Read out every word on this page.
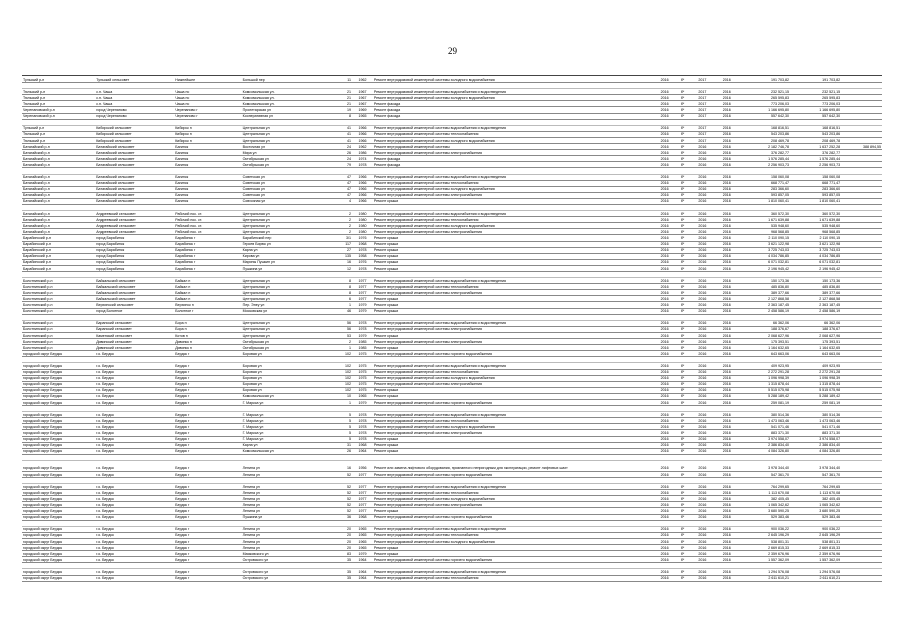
29
Тульский р-н	Тульский сельсовет	Нижнейшее	Большой пер	11	1962	Ремонт внутридомовой инженерной системы холодного водоснабжения	2016	б*	2017	2016	191 703,82	191 703,82	

Тюльский р-н	с.п. Чаша	Чаша пс	Комсомольская ул.	21	1967	Ремонт внутридомовой инженерной системы водоснабжения и водоотведения	2016	б*	2017	2016	232 521,15	232 521,15	
Тюльский р-н	с.п. Чаша	Чаша пс	Комсомольская ул.	21	1967	Ремонт внутридомовой инженерной системы холодного водоснабжения	2016	б*	2017	2016	265 595,83	265 595,83	
Тюльский р-н	с.п. Чаша	Чаша пс	Комсомольская ул.	21	1967	Ремонт фасада	2016	б*	2017	2016	773 206,03	773 206,03	
Черепановский р-н	город Черепаново	Черепаново г	Пролетарская ул	19	1969	Ремонт фасада	2016	б*	2017	2016	1 166 695,80	1 166 695,80	
Черепановский р-н	город Черепаново	Черепаново г	Кооперативная ул	8	1965	Ремонт фасада	2016	б*	2017	2016	557 642,30	557 642,30	

Тульский р-н	Кибирский сельсовет	Кибирск п	Центральная ул	41	1966	Ремонт внутридомовой инженерной системы водоснабжения и водоотведения	2016	б*	2017	2016	168 816,51	168 816,51	
Тюльский р-н	Кибирский сельсовет	Кибирск п	Центральная ул	41	1966	Ремонт внутридомовой инженерной системы теплоснабжения	2016	б*	2017	2016	543 203,86	543 203,86	
Тюльский р-н	Кибирский сельсовет	Кибирск п	Центральная ул	41	1966	Ремонт внутридомовой инженерной системы холодного водоснабжения	2016	б*	2017	2016	208 469,78	208 469,78	
Батагайский р-н	Батагайский сельсовет	Багинск	Восточная ул	24	1962	Ремонт внутридомовой инженерной системы	2016	б*	2016	2016	2 182 746,78	1 637 252,28	388 894,55
Батагайский р-н	Батагайский сельсовет	Багинск	Мира ул	26	1986	Ремонт внутридомовой инженерной системы электроснабжения	2016	б*	2016	2016	376 282,77	376 282,77	
Батагайский р-н	Батагайский сельсовет	Багинск	Октябрьская ул	24	1974	Ремонт фасада	2016	б*	2016	2016	1 576 285,44	1 576 285,44	
Батагайский р-н	Батагайский сельсовет	Багинск	Октябрьская ул	79	1978	Ремонт фасада	2016	б*	2016	2016	2 256 903,73	2 256 903,73	

Батагайский р-н	Батагайский сельсовет	Багинск	Советская ул	47	1966	Ремонт внутридомовой инженерной системы водоснабжения и водоотведения	2016	б*	2016	2016	158 060,08	158 060,08	
Батагайский р-н	Батагайский сельсовет	Багинск	Советская ул	47	1966	Ремонт внутридомовой инженерной системы теплоснабжения	2016	б*	2016	2016	668 771,47	668 771,47	
Батагайский р-н	Батагайский сельсовет	Багинск	Советская ул	47	1966	Ремонт внутридомовой инженерной системы холодного водоснабжения	2016	б*	2016	2016	283 366,60	283 366,60	
Батагайский р-н	Батагайский сельсовет	Багинск	Советская ул	47	1966	Ремонт внутридомовой инженерной системы электроснабжения	2016	б*	2016	2016	593 857,05	593 857,05	
Батагайский р-н	Батагайский сельсовет	Багинск	Совхозная ул	4	1966	Ремонт крыши	2016	б*	2016	2016	1 810 060,41	1 810 060,41	

Батагайский р-н	Андреевский сельсовет	Рабочий пос. ст.	Центральная ул	2	1980	Ремонт внутридомовой инженерной системы водоснабжения и водоотведения	2016	б*	2016	2016	360 572,30	360 572,30	
Батагайский р-н	Андреевский сельсовет	Рабочий пос. ст.	Центральная ул	2	1980	Ремонт внутридомовой инженерной системы теплоснабжения	2016	б*	2016	2016	1 671 639,88	1 671 639,88	
Батагайский р-н	Андреевский сельсовет	Рабочий пос. ст.	Центральная ул	2	1980	Ремонт внутридомовой инженерной системы холодного водоснабжения	2016	б*	2016	2016	535 948,60	535 948,60	
Батагайский р-н	Андреевский сельсовет	Рабочий пос. ст.	Центральная ул	2	1980	Ремонт внутридомовой инженерной системы электроснабжения	2016	б*	2016	2016	968 568,85	968 568,85	
Барабинский р-н	город Барабинск	Барабинск г	Барабинский пер	3/1	1976	Ремонт крыши	2016	б*	2016	2016	2 110 090,15	2 110 090,15	
Барабинский р-н	город Барабинск	Барабинск г	Героев Бирюк ул	117	1968	Ремонт крыши	2016	б*	2016	2016	3 621 122,98	3 621 122,98	
Барабинский р-н	город Барабинск	Барабинск г	Карла ул	27	1978	Ремонт крыши	2016	б*	2016	2016	3 725 743,03	3 725 743,03	
Барабинский р-н	город Барабинск	Барабинск г	Кирова ул	135	1958	Ремонт крыши	2016	б*	2016	2016	4 034 786,85	4 034 786,85	
Барабинский р-н	город Барабинск	Барабинск г	Марины Пушкин ул	16	1976	Ремонт крыши	2016	б*	2016	2016	6 071 032,81	6 071 032,81	
Барабинский р-н	город Барабинск	Барабинск г	Пушкина ул	12	1978	Ремонт крыши	2016	б*	2016	2016	2 196 945,42	2 196 945,42	

Болотнинский р-н	Байкальский сельсовет	Байкал п	Центральная ул	8	1977	Ремонт внутридомовой инженерной системы водоснабжения и водоотведения	2016	б*	2016	2016	150 173,36	150 173,36	
Болотнинский р-н	Байкальский сельсовет	Байкал п	Центральная ул	8	1977	Ремонт внутридомовой инженерной системы теплоснабжения	2016	б*	2016	2016	485 836,80	485 836,80	
Болотнинский р-н	Байкальский сельсовет	Байкал п	Центральная ул	8	1977	Ремонт внутридомовой инженерной системы электроснабжения	2016	б*	2016	2016	389 377,66	389 377,66	
Болотнинский р-н	Байкальский сельсовет	Байкал п	Центральная ул	6	1977	Ремонт крыши	2016	б*	2016	2016	2 127 868,58	2 127 868,58	
Болотнинский р-н	Верхинский сельсовет	Верхинск п	Пер. Энеу ул	1	1979	Ремонт крыши	2016	б*	2016	2016	2 363 187,45	2 363 187,45	
Болотнинский р-н	город Болотное	Болотное г	Московская ул	46	1979	Ремонт крыши	2016	б*	2016	2016	2 458 586,19	2 458 586,19	

Болотнинский р-н	Баранский сельсовет	Бора п	Центральная ул	56	1978	Ремонт внутридомовой инженерной системы водоснабжения и водоотведения	2016	б*	2016	2016	66 362,06	66 362,06	
Болотнинский р-н	Баранский сельсовет	Бора п	Центральная ул	56	1978	Ремонт внутридомовой инженерной системы электроснабжения	2016	б*	2016	2016	188 376,67	188 376,67	
Болотнинский р-н	Каменский сельсовет	Котов п	Центральная ул	53	1979	Ремонт крыши	2016	б*	2016	2016	2 068 627,96	2 068 627,96	
Болотнинский р-н	Дивинский сельсовет	Дивинск п	Октябрьская ул	2	1985	Ремонт внутридомовой инженерной системы электроснабжения	2016	б*	2016	2016	175 393,51	175 393,51	
Болотнинский р-н	Дивинский сельсовет	Дивинск п	Октябрьская ул	1	1985	Ремонт крыши	2016	б*	2016	2016	1 164 632,65	1 164 632,65	
городской округ Бердск	г.о. Бердск	Бердск г	Боровая ул	102	1975	Ремонт внутридомовой инженерной системы горячего водоснабжения	2016	б*	2016	2016	643 663,06	643 663,06	

городской округ Бердск	г.о. Бердск	Бердск г	Боровая ул	102	1975	Ремонт внутридомовой инженерной системы водоснабжения и водоотведения	2016	б*	2016	2016	409 923,95	409 923,95	
городской округ Бердск	г.о. Бердск	Бердск г	Боровая ул	102	1975	Ремонт внутридомовой инженерной системы теплоснабжения	2016	б*	2016	2016	2 272 291,28	2 272 291,28	
городской округ Бердск	г.о. Бердск	Бердск г	Боровая ул	102	1975	Ремонт внутридомовой инженерной системы холодного водоснабжения	2016	б*	2016	2016	1 096 998,39	1 096 998,39	
городской округ Бердск	г.о. Бердск	Бердск г	Боровая ул	102	1975	Ремонт внутридомовой инженерной системы электроснабжения	2016	б*	2016	2016	1 315 878,44	1 315 878,44	
городской округ Бердск	г.о. Бердск	Бердск г	Боровая ул	102	1975	Ремонт крыши	2016	б*	2016	2016	5 515 075,98	5 515 075,98	
городской округ Бердск	г.о. Бердск	Бердск г	Комсомольская ул	10	1965	Ремонт крыши	2016	б*	2016	2016	5 288 189,42	5 288 189,42	
городской округ Бердск	г.о. Бердск	Бердск г	Г. Маркса ул	1	1979	Ремонт внутридомовой инженерной системы горячего водоснабжения	2016	б*	2016	2016	259 081,19	259 081,19	

городской округ Бердск	г.о. Бердск	Бердск г	Г. Маркса ул	5	1978	Ремонт внутридомовой инженерной системы водоснабжения и водоотведения	2016	б*	2016	2016	380 514,36	380 514,36	
городской округ Бердск	г.о. Бердск	Бердск г	Г. Маркса ул	5	1978	Ремонт внутридомовой инженерной системы теплоснабжения	2016	б*	2016	2016	1 473 063,46	1 473 063,46	
городской округ Бердск	г.о. Бердск	Бердск г	Г. Маркса ул	5	1978	Ремонт внутридомовой инженерной системы холодного водоснабжения	2016	б*	2016	2016	541 071,46	541 071,46	
городской округ Бердск	г.о. Бердск	Бердск г	Г. Маркса ул	5	1978	Ремонт внутридомовой инженерной системы электроснабжения	2016	б*	2016	2016	883 371,30	883 371,30	
городской округ Бердск	г.о. Бердск	Бердск г	Г. Маркса ул	5	1978	Ремонт крыши	2016	б*	2016	2016	3 974 558,07	3 974 558,07	
городской округ Бердск	г.о. Бердск	Бердск г	Карла ул	31	1968	Ремонт крыши	2016	б*	2016	2016	2 386 834,40	2 386 834,40	
городской округ Бердск	г.о. Бердск	Бердск г	Комсомольская ул	26	1964	Ремонт крыши	2016	б*	2016	2016	4 084 326,80	4 084 326,80	

городской округ Бердск	г.о. Бердск	Бердск г	Ленина ул	16	1956	Ремонт или замена лифтового оборудования, признанного непригодным для эксплуатации, ремонт лифтовых шахт	2016	б*	2016	2016	3 978 344,40	3 978 344,40	
городской округ Бердск	г.о. Бердск	Бердск г	Ленина ул	52	1977	Ремонт внутридомовой инженерной системы горячего водоснабжения	2016	б*	2016	2016	547 361,70	547 361,70	

городской округ Бердск	г.о. Бердск	Бердск г	Ленина ул	52	1977	Ремонт внутридомовой инженерной системы водоснабжения и водоотведения	2016	б*	2016	2016	764 299,65	764 299,65	
городской округ Бердск	г.о. Бердск	Бердск г	Ленина ул	52	1977	Ремонт внутридомовой инженерной системы теплоснабжения	2016	б*	2016	2016	1 113 670,08	1 113 670,08	
городской округ Бердск	г.о. Бердск	Бердск г	Ленина ул	52	1977	Ремонт внутридомовой инженерной системы холодного водоснабжения	2016	б*	2016	2016	382 405,45	382 405,45	
городской округ Бердск	г.о. Бердск	Бердск г	Ленина ул	52	1977	Ремонт внутридомовой инженерной системы электроснабжения	2016	б*	2016	2016	1 065 342,62	1 065 342,62	
городской округ Бердск	г.о. Бердск	Бердск г	Ленина ул	52	1977	Ремонт крыши	2016	б*	2016	2016	3 680 590,25	3 680 590,25	
городской округ Бердск	г.о. Бердск	Бердск г	Пушкина ул	36	1968	Ремонт внутридомовой инженерной системы горячего водоснабжения	2016	б*	2016	2016	529 383,46	529 383,46	

городской округ Бердск	г.о. Бердск	Бердск г	Ленина ул	20	1965	Ремонт внутридомовой инженерной системы водоснабжения и водоотведения	2016	б*	2016	2016	900 036,22	900 036,22	
городской округ Бердск	г.о. Бердск	Бердск г	Ленина ул	20	1965	Ремонт внутридомовой инженерной системы теплоснабжения	2016	б*	2016	2016	2 645 196,29	2 645 196,29	
городской округ Бердск	г.о. Бердск	Бердск г	Ленина ул	20	1965	Ремонт внутридомовой инженерной системы холодного водоснабжения	2016	б*	2016	2016	538 801,31	538 801,31	
городской округ Бердск	г.о. Бердск	Бердск г	Ленина ул	20	1965	Ремонт крыши	2016	б*	2016	2016	2 669 815,33	2 669 815,33	
городской округ Бердск	г.о. Бердск	Бердск г	Маяковского ул	83	1979	Ремонт крыши	2016	б*	2016	2016	2 359 676,96	2 359 676,96	
городской округ Бердск	г.о. Бердск	Бердск г	Островского ул	35	1964	Ремонт внутридомовой инженерной системы горячего водоснабжения	2016	б*	2016	2016	1 557 362,09	1 557 362,09	

городской округ Бердск	г.о. Бердск	Бердск г	Островского ул	35	1964	Ремонт внутридомовой инженерной системы водоснабжения и водоотведения	2016	б*	2016	2016	1 294 576,08	1 294 576,08	
городской округ Бердск	г.о. Бердск	Бердск г	Островского ул	35	1964	Ремонт внутридомовой инженерной системы теплоснабжения	2016	б*	2016	2016	2 611 610,21	2 611 610,21	
